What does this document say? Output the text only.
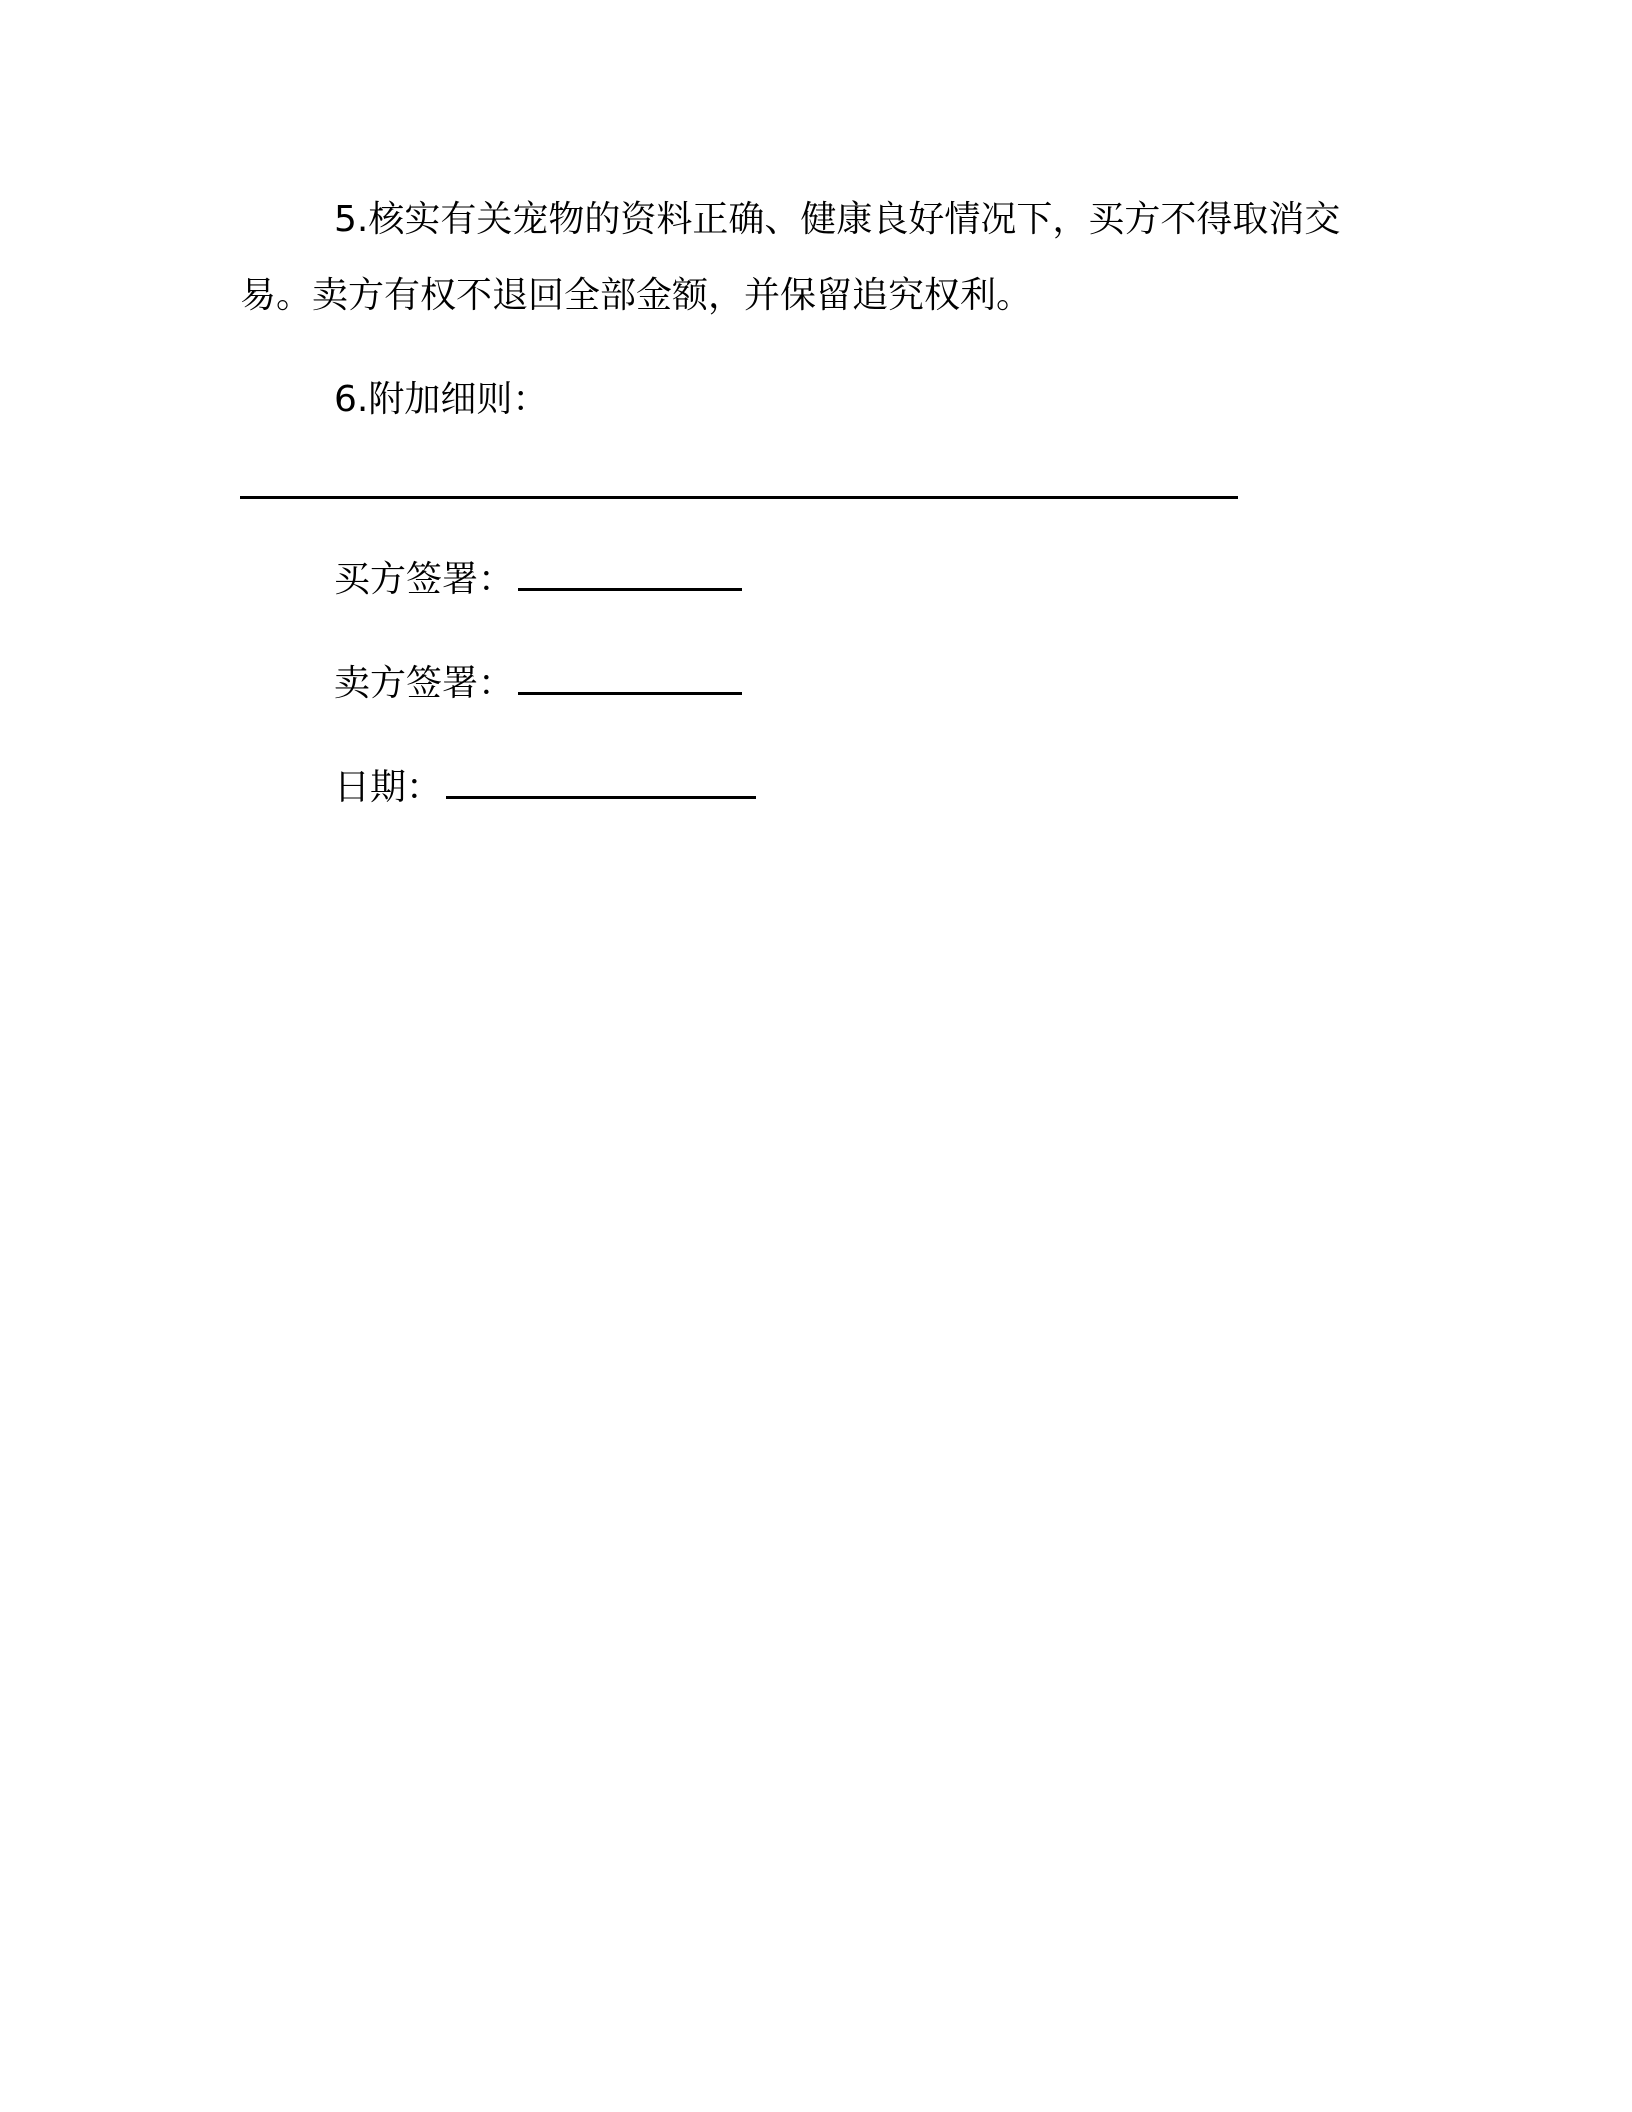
5.核实有关宠物的资料正确、健康良好情况下，买方不得取消交
易。卖方有权不退回全部金额，并保留追究权利。
6.附加细则：
买方签署：
卖方签署：
日期：
